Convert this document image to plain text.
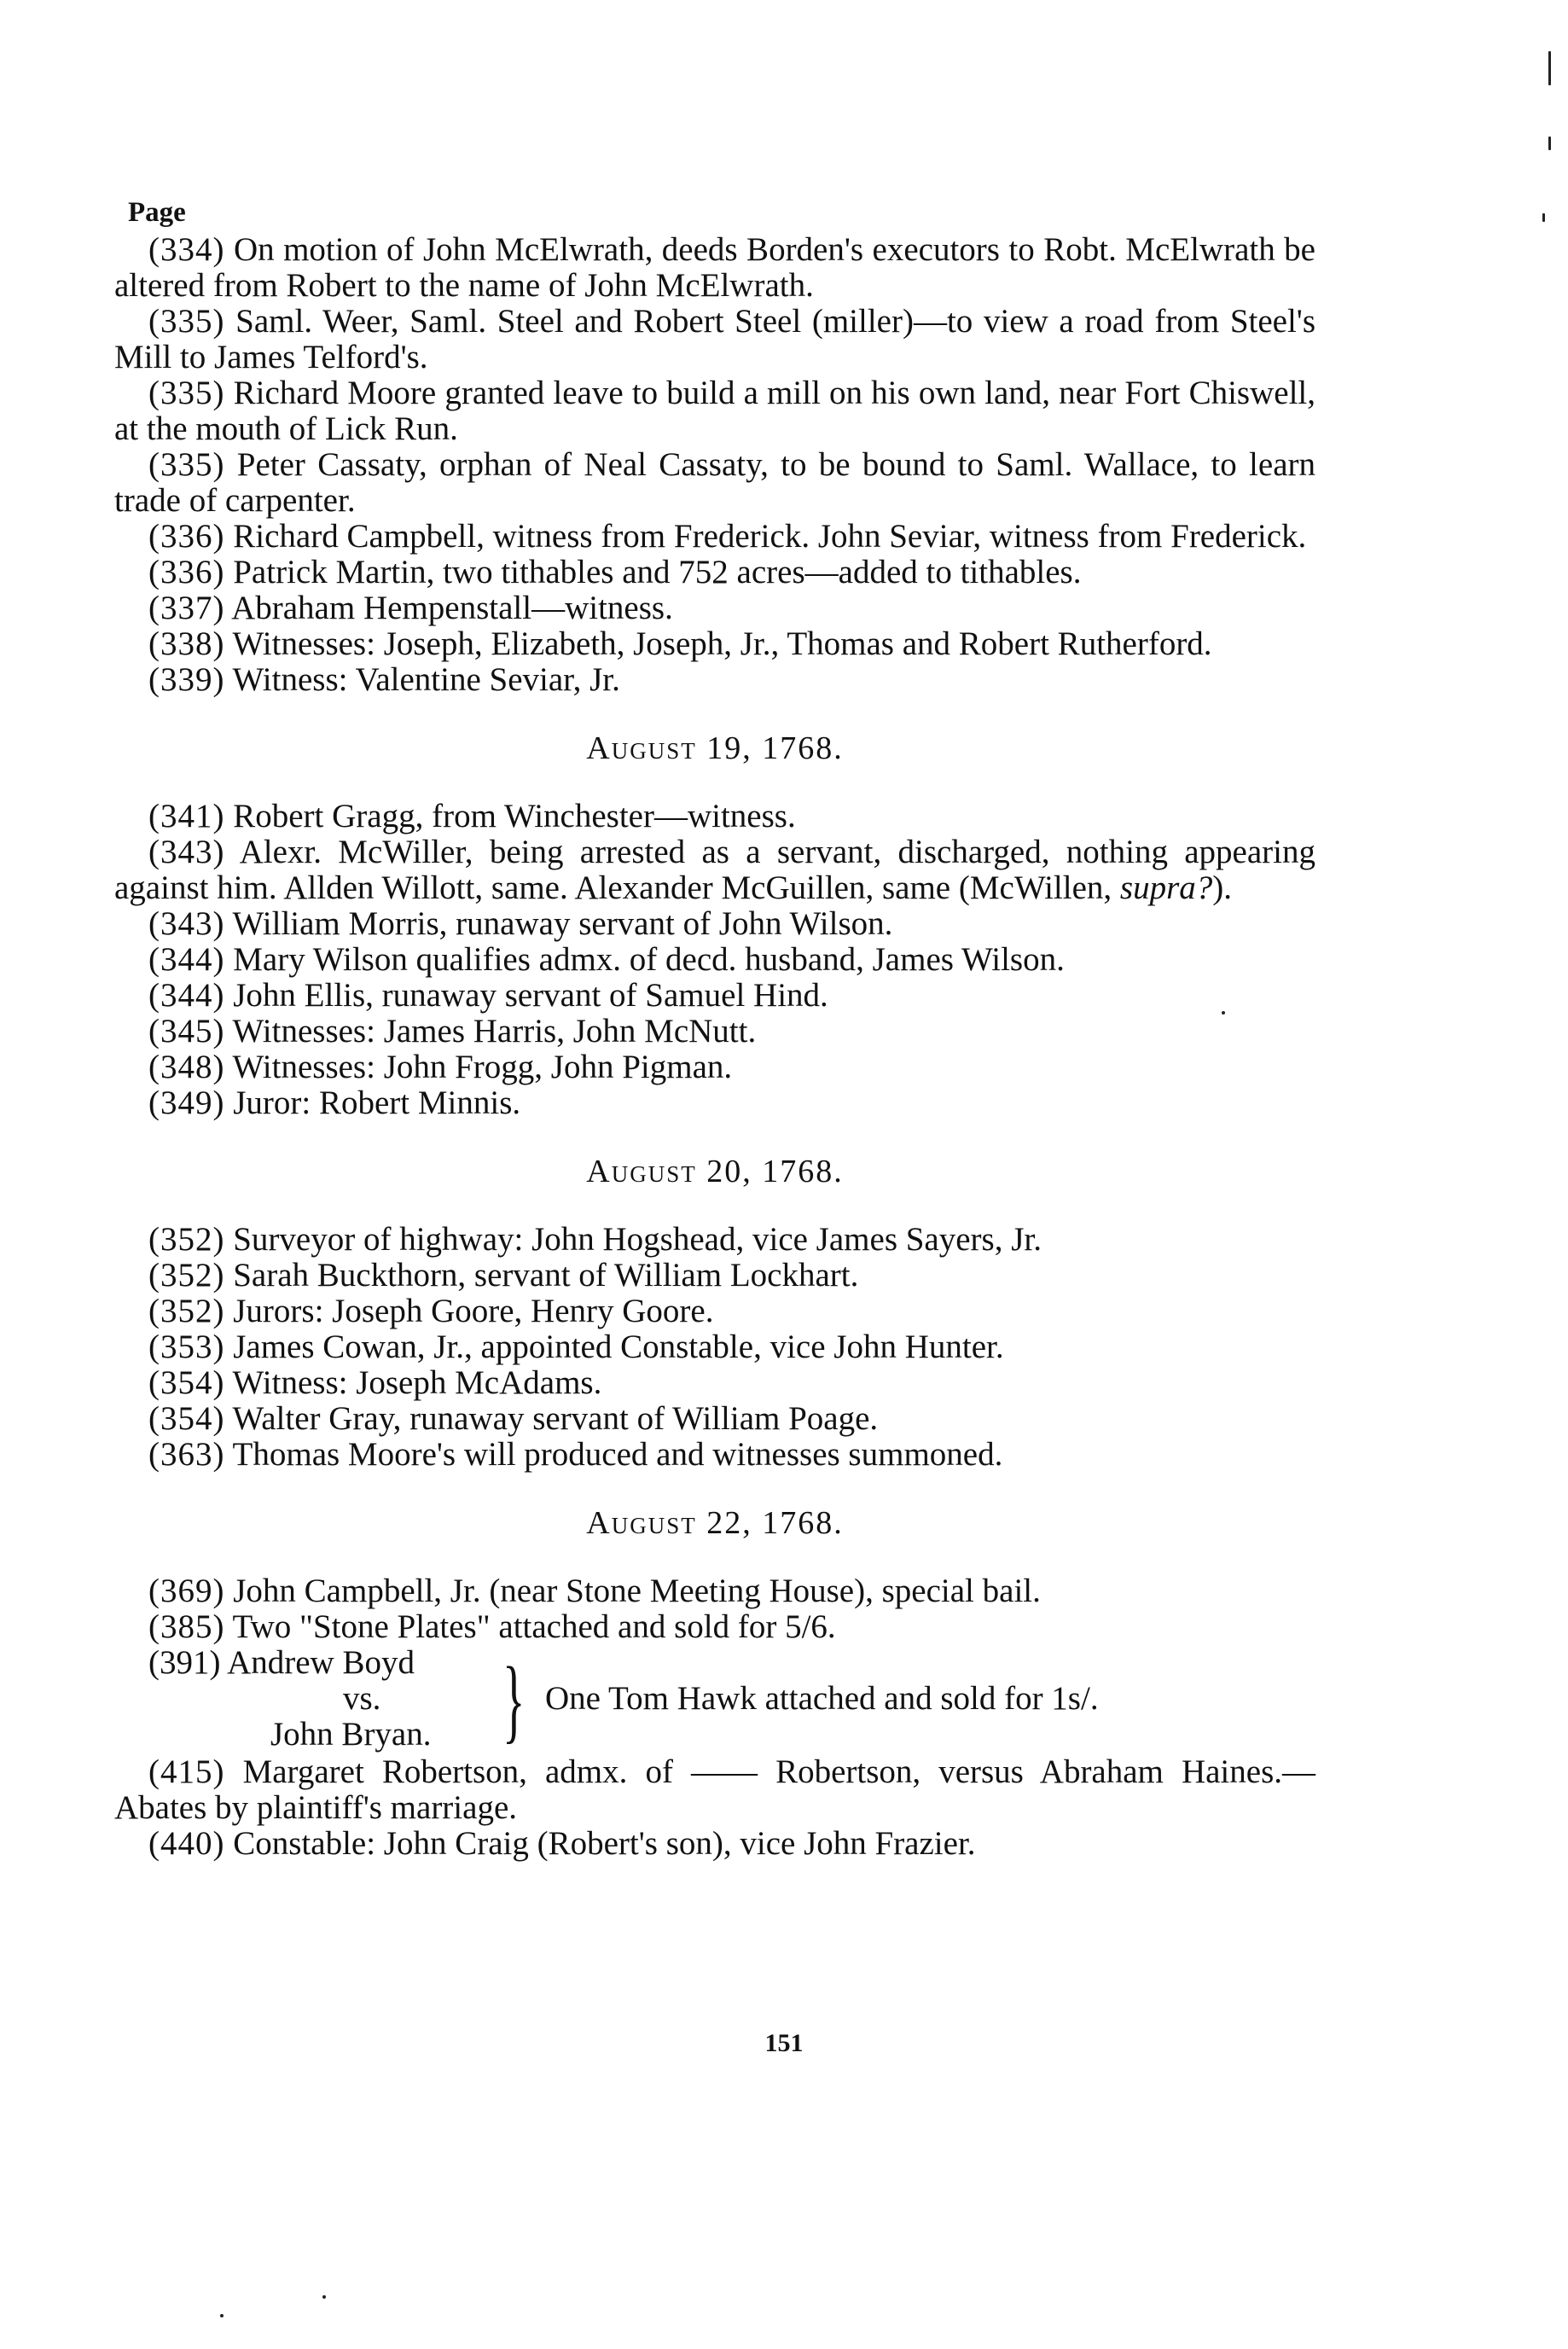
Page

(334) On motion of John McElwrath, deeds Borden's executors to Robt. McElwrath be altered from Robert to the name of John McElwrath.

(335) Saml. Weer, Saml. Steel and Robert Steel (miller)—to view a road from Steel's Mill to James Telford's.

(335) Richard Moore granted leave to build a mill on his own land, near Fort Chiswell, at the mouth of Lick Run.

(335) Peter Cassaty, orphan of Neal Cassaty, to be bound to Saml. Wallace, to learn trade of carpenter.

(336) Richard Campbell, witness from Frederick. John Seviar, witness from Frederick.

(336) Patrick Martin, two tithables and 752 acres—added to tithables.

(337) Abraham Hempenstall—witness.

(338) Witnesses: Joseph, Elizabeth, Joseph, Jr., Thomas and Robert Rutherford.

(339) Witness: Valentine Seviar, Jr.

August 19, 1768.

(341) Robert Gragg, from Winchester—witness.

(343) Alexr. McWiller, being arrested as a servant, discharged, nothing appearing against him. Allden Willott, same. Alexander McGuillen, same (McWillen, supra?).

(343) William Morris, runaway servant of John Wilson.

(344) Mary Wilson qualifies admx. of decd. husband, James Wilson.

(344) John Ellis, runaway servant of Samuel Hind.

(345) Witnesses: James Harris, John McNutt.

(348) Witnesses: John Frogg, John Pigman.

(349) Juror: Robert Minnis.

August 20, 1768.

(352) Surveyor of highway: John Hogshead, vice James Sayers, Jr.

(352) Sarah Buckthorn, servant of William Lockhart.

(352) Jurors: Joseph Goore, Henry Goore.

(353) James Cowan, Jr., appointed Constable, vice John Hunter.

(354) Witness: Joseph McAdams.

(354) Walter Gray, runaway servant of William Poage.

(363) Thomas Moore's will produced and witnesses summoned.

August 22, 1768.

(369) John Campbell, Jr. (near Stone Meeting House), special bail.

(385) Two "Stone Plates" attached and sold for 5/6.

(391) Andrew Boyd
vs.
John Bryan. } One Tom Hawk attached and sold for 1s/.

(415) Margaret Robertson, admx. of —— Robertson, versus Abraham Haines.—Abates by plaintiff's marriage.

(440) Constable: John Craig (Robert's son), vice John Frazier.

151
